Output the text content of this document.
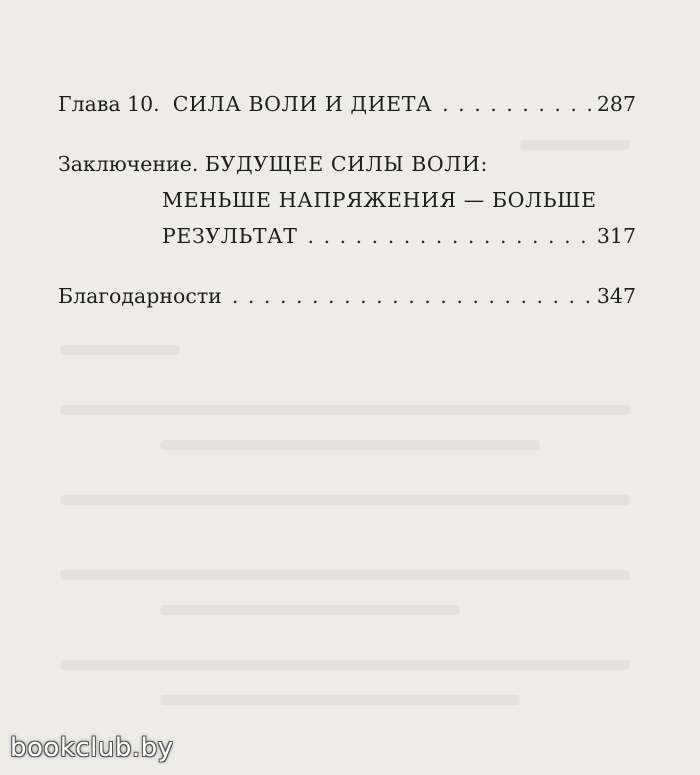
Глава 10. СИЛА ВОЛИ И ДИЕТА . . .	287
Заключение. БУДУЩЕЕ СИЛЫ ВОЛИ:
МЕНЬШЕ НАПРЯЖЕНИЯ — БОЛЬШЕ
РЕЗУЛЬТАТ . . .	317
Благодарности . . .	347
bookclub.by
